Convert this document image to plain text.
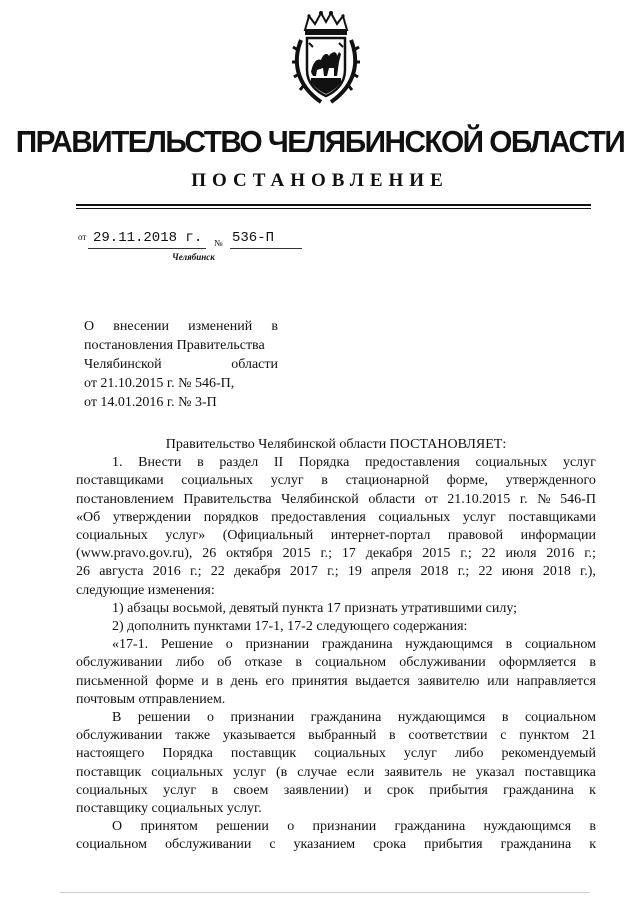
ПРАВИТЕЛЬСТВО ЧЕЛЯБИНСКОЙ ОБЛАСТИ
ПОСТАНОВЛЕНИЕ
от 29.11.2018 г. № 536-П
Челябинск
О внесении изменений в
постановления Правительства
Челябинской	области
от 21.10.2015 г. № 546-П,
от 14.01.2016 г. № 3-П
Правительство Челябинской области ПОСТАНОВЛЯЕТ:
1. Внести в раздел II Порядка предоставления социальных услуг
поставщиками социальных услуг в стационарной форме, утвержденного
постановлением Правительства Челябинской области от 21.10.2015 г. № 546-П
«Об утверждении порядков предоставления социальных услуг поставщиками
социальных услуг» (Официальный интернет-портал правовой информации
(www.pravo.gov.ru), 26 октября 2015 г.; 17 декабря 2015 г.; 22 июля 2016 г.;
26 августа 2016 г.; 22 декабря 2017 г.; 19 апреля 2018 г.; 22 июня 2018 г.),
следующие изменения:
1) абзацы восьмой, девятый пункта 17 признать утратившими силу;
2) дополнить пунктами 17-1, 17-2 следующего содержания:
«17-1. Решение о признании гражданина нуждающимся в социальном
обслуживании либо об отказе в социальном обслуживании оформляется в
письменной форме и в день его принятия выдается заявителю или направляется
почтовым отправлением.
В решении о признании гражданина нуждающимся в социальном
обслуживании также указывается выбранный в соответствии с пунктом 21
настоящего Порядка поставщик социальных услуг либо рекомендуемый
поставщик социальных услуг (в случае если заявитель не указал поставщика
социальных услуг в своем заявлении) и срок прибытия гражданина к
поставщику социальных услуг.
О принятом решении о признании гражданина нуждающимся в
социальном обслуживании с указанием срока прибытия гражданина к
